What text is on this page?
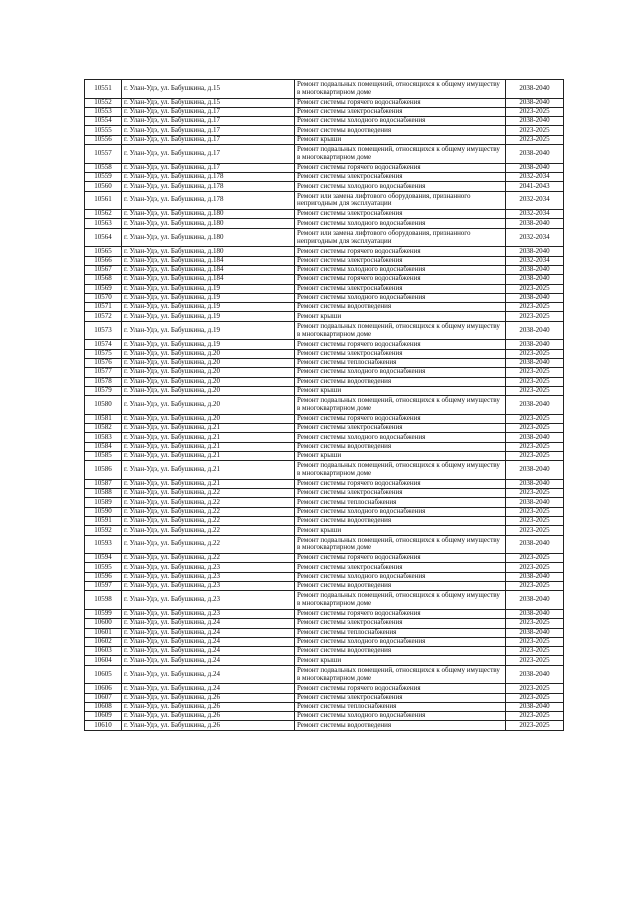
10551	г. Улан-Удэ, ул. Бабушкина, д.15	Ремонт подвальных помещений, относящихся к общему имуществу в многоквартирном доме	2038-2040
10552	г. Улан-Удэ, ул. Бабушкина, д.15	Ремонт системы горячего водоснабжения	2038-2040
10553	г. Улан-Удэ, ул. Бабушкина, д.17	Ремонт системы электроснабжения	2023-2025
10554	г. Улан-Удэ, ул. Бабушкина, д.17	Ремонт системы холодного водоснабжения	2038-2040
10555	г. Улан-Удэ, ул. Бабушкина, д.17	Ремонт системы водоотведения	2023-2025
10556	г. Улан-Удэ, ул. Бабушкина, д.17	Ремонт крыши	2023-2025
10557	г. Улан-Удэ, ул. Бабушкина, д.17	Ремонт подвальных помещений, относящихся к общему имуществу в многоквартирном доме	2038-2040
10558	г. Улан-Удэ, ул. Бабушкина, д.17	Ремонт системы горячего водоснабжения	2038-2040
10559	г. Улан-Удэ, ул. Бабушкина, д.178	Ремонт системы электроснабжения	2032-2034
10560	г. Улан-Удэ, ул. Бабушкина, д.178	Ремонт системы холодного водоснабжения	2041-2043
10561	г. Улан-Удэ, ул. Бабушкина, д.178	Ремонт или замена лифтового оборудования, признанного непригодным для эксплуатации	2032-2034
10562	г. Улан-Удэ, ул. Бабушкина, д.180	Ремонт системы электроснабжения	2032-2034
10563	г. Улан-Удэ, ул. Бабушкина, д.180	Ремонт системы холодного водоснабжения	2038-2040
10564	г. Улан-Удэ, ул. Бабушкина, д.180	Ремонт или замена лифтового оборудования, признанного непригодным для эксплуатации	2032-2034
10565	г. Улан-Удэ, ул. Бабушкина, д.180	Ремонт системы горячего водоснабжения	2038-2040
10566	г. Улан-Удэ, ул. Бабушкина, д.184	Ремонт системы электроснабжения	2032-2034
10567	г. Улан-Удэ, ул. Бабушкина, д.184	Ремонт системы холодного водоснабжения	2038-2040
10568	г. Улан-Удэ, ул. Бабушкина, д.184	Ремонт системы горячего водоснабжения	2038-2040
10569	г. Улан-Удэ, ул. Бабушкина, д.19	Ремонт системы электроснабжения	2023-2025
10570	г. Улан-Удэ, ул. Бабушкина, д.19	Ремонт системы холодного водоснабжения	2038-2040
10571	г. Улан-Удэ, ул. Бабушкина, д.19	Ремонт системы водоотведения	2023-2025
10572	г. Улан-Удэ, ул. Бабушкина, д.19	Ремонт крыши	2023-2025
10573	г. Улан-Удэ, ул. Бабушкина, д.19	Ремонт подвальных помещений, относящихся к общему имуществу в многоквартирном доме	2038-2040
10574	г. Улан-Удэ, ул. Бабушкина, д.19	Ремонт системы горячего водоснабжения	2038-2040
10575	г. Улан-Удэ, ул. Бабушкина, д.20	Ремонт системы электроснабжения	2023-2025
10576	г. Улан-Удэ, ул. Бабушкина, д.20	Ремонт системы теплоснабжения	2038-2040
10577	г. Улан-Удэ, ул. Бабушкина, д.20	Ремонт системы холодного водоснабжения	2023-2025
10578	г. Улан-Удэ, ул. Бабушкина, д.20	Ремонт системы водоотведения	2023-2025
10579	г. Улан-Удэ, ул. Бабушкина, д.20	Ремонт крыши	2023-2025
10580	г. Улан-Удэ, ул. Бабушкина, д.20	Ремонт подвальных помещений, относящихся к общему имуществу в многоквартирном доме	2038-2040
10581	г. Улан-Удэ, ул. Бабушкина, д.20	Ремонт системы горячего водоснабжения	2023-2025
10582	г. Улан-Удэ, ул. Бабушкина, д.21	Ремонт системы электроснабжения	2023-2025
10583	г. Улан-Удэ, ул. Бабушкина, д.21	Ремонт системы холодного водоснабжения	2038-2040
10584	г. Улан-Удэ, ул. Бабушкина, д.21	Ремонт системы водоотведения	2023-2025
10585	г. Улан-Удэ, ул. Бабушкина, д.21	Ремонт крыши	2023-2025
10586	г. Улан-Удэ, ул. Бабушкина, д.21	Ремонт подвальных помещений, относящихся к общему имуществу в многоквартирном доме	2038-2040
10587	г. Улан-Удэ, ул. Бабушкина, д.21	Ремонт системы горячего водоснабжения	2038-2040
10588	г. Улан-Удэ, ул. Бабушкина, д.22	Ремонт системы электроснабжения	2023-2025
10589	г. Улан-Удэ, ул. Бабушкина, д.22	Ремонт системы теплоснабжения	2038-2040
10590	г. Улан-Удэ, ул. Бабушкина, д.22	Ремонт системы холодного водоснабжения	2023-2025
10591	г. Улан-Удэ, ул. Бабушкина, д.22	Ремонт системы водоотведения	2023-2025
10592	г. Улан-Удэ, ул. Бабушкина, д.22	Ремонт крыши	2023-2025
10593	г. Улан-Удэ, ул. Бабушкина, д.22	Ремонт подвальных помещений, относящихся к общему имуществу в многоквартирном доме	2038-2040
10594	г. Улан-Удэ, ул. Бабушкина, д.22	Ремонт системы горячего водоснабжения	2023-2025
10595	г. Улан-Удэ, ул. Бабушкина, д.23	Ремонт системы электроснабжения	2023-2025
10596	г. Улан-Удэ, ул. Бабушкина, д.23	Ремонт системы холодного водоснабжения	2038-2040
10597	г. Улан-Удэ, ул. Бабушкина, д.23	Ремонт системы водоотведения	2023-2025
10598	г. Улан-Удэ, ул. Бабушкина, д.23	Ремонт подвальных помещений, относящихся к общему имуществу в многоквартирном доме	2038-2040
10599	г. Улан-Удэ, ул. Бабушкина, д.23	Ремонт системы горячего водоснабжения	2038-2040
10600	г. Улан-Удэ, ул. Бабушкина, д.24	Ремонт системы электроснабжения	2023-2025
10601	г. Улан-Удэ, ул. Бабушкина, д.24	Ремонт системы теплоснабжения	2038-2040
10602	г. Улан-Удэ, ул. Бабушкина, д.24	Ремонт системы холодного водоснабжения	2023-2025
10603	г. Улан-Удэ, ул. Бабушкина, д.24	Ремонт системы водоотведения	2023-2025
10604	г. Улан-Удэ, ул. Бабушкина, д.24	Ремонт крыши	2023-2025
10605	г. Улан-Удэ, ул. Бабушкина, д.24	Ремонт подвальных помещений, относящихся к общему имуществу в многоквартирном доме	2038-2040
10606	г. Улан-Удэ, ул. Бабушкина, д.24	Ремонт системы горячего водоснабжения	2023-2025
10607	г. Улан-Удэ, ул. Бабушкина, д.26	Ремонт системы электроснабжения	2023-2025
10608	г. Улан-Удэ, ул. Бабушкина, д.26	Ремонт системы теплоснабжения	2038-2040
10609	г. Улан-Удэ, ул. Бабушкина, д.26	Ремонт системы холодного водоснабжения	2023-2025
10610	г. Улан-Удэ, ул. Бабушкина, д.26	Ремонт системы водоотведения	2023-2025
